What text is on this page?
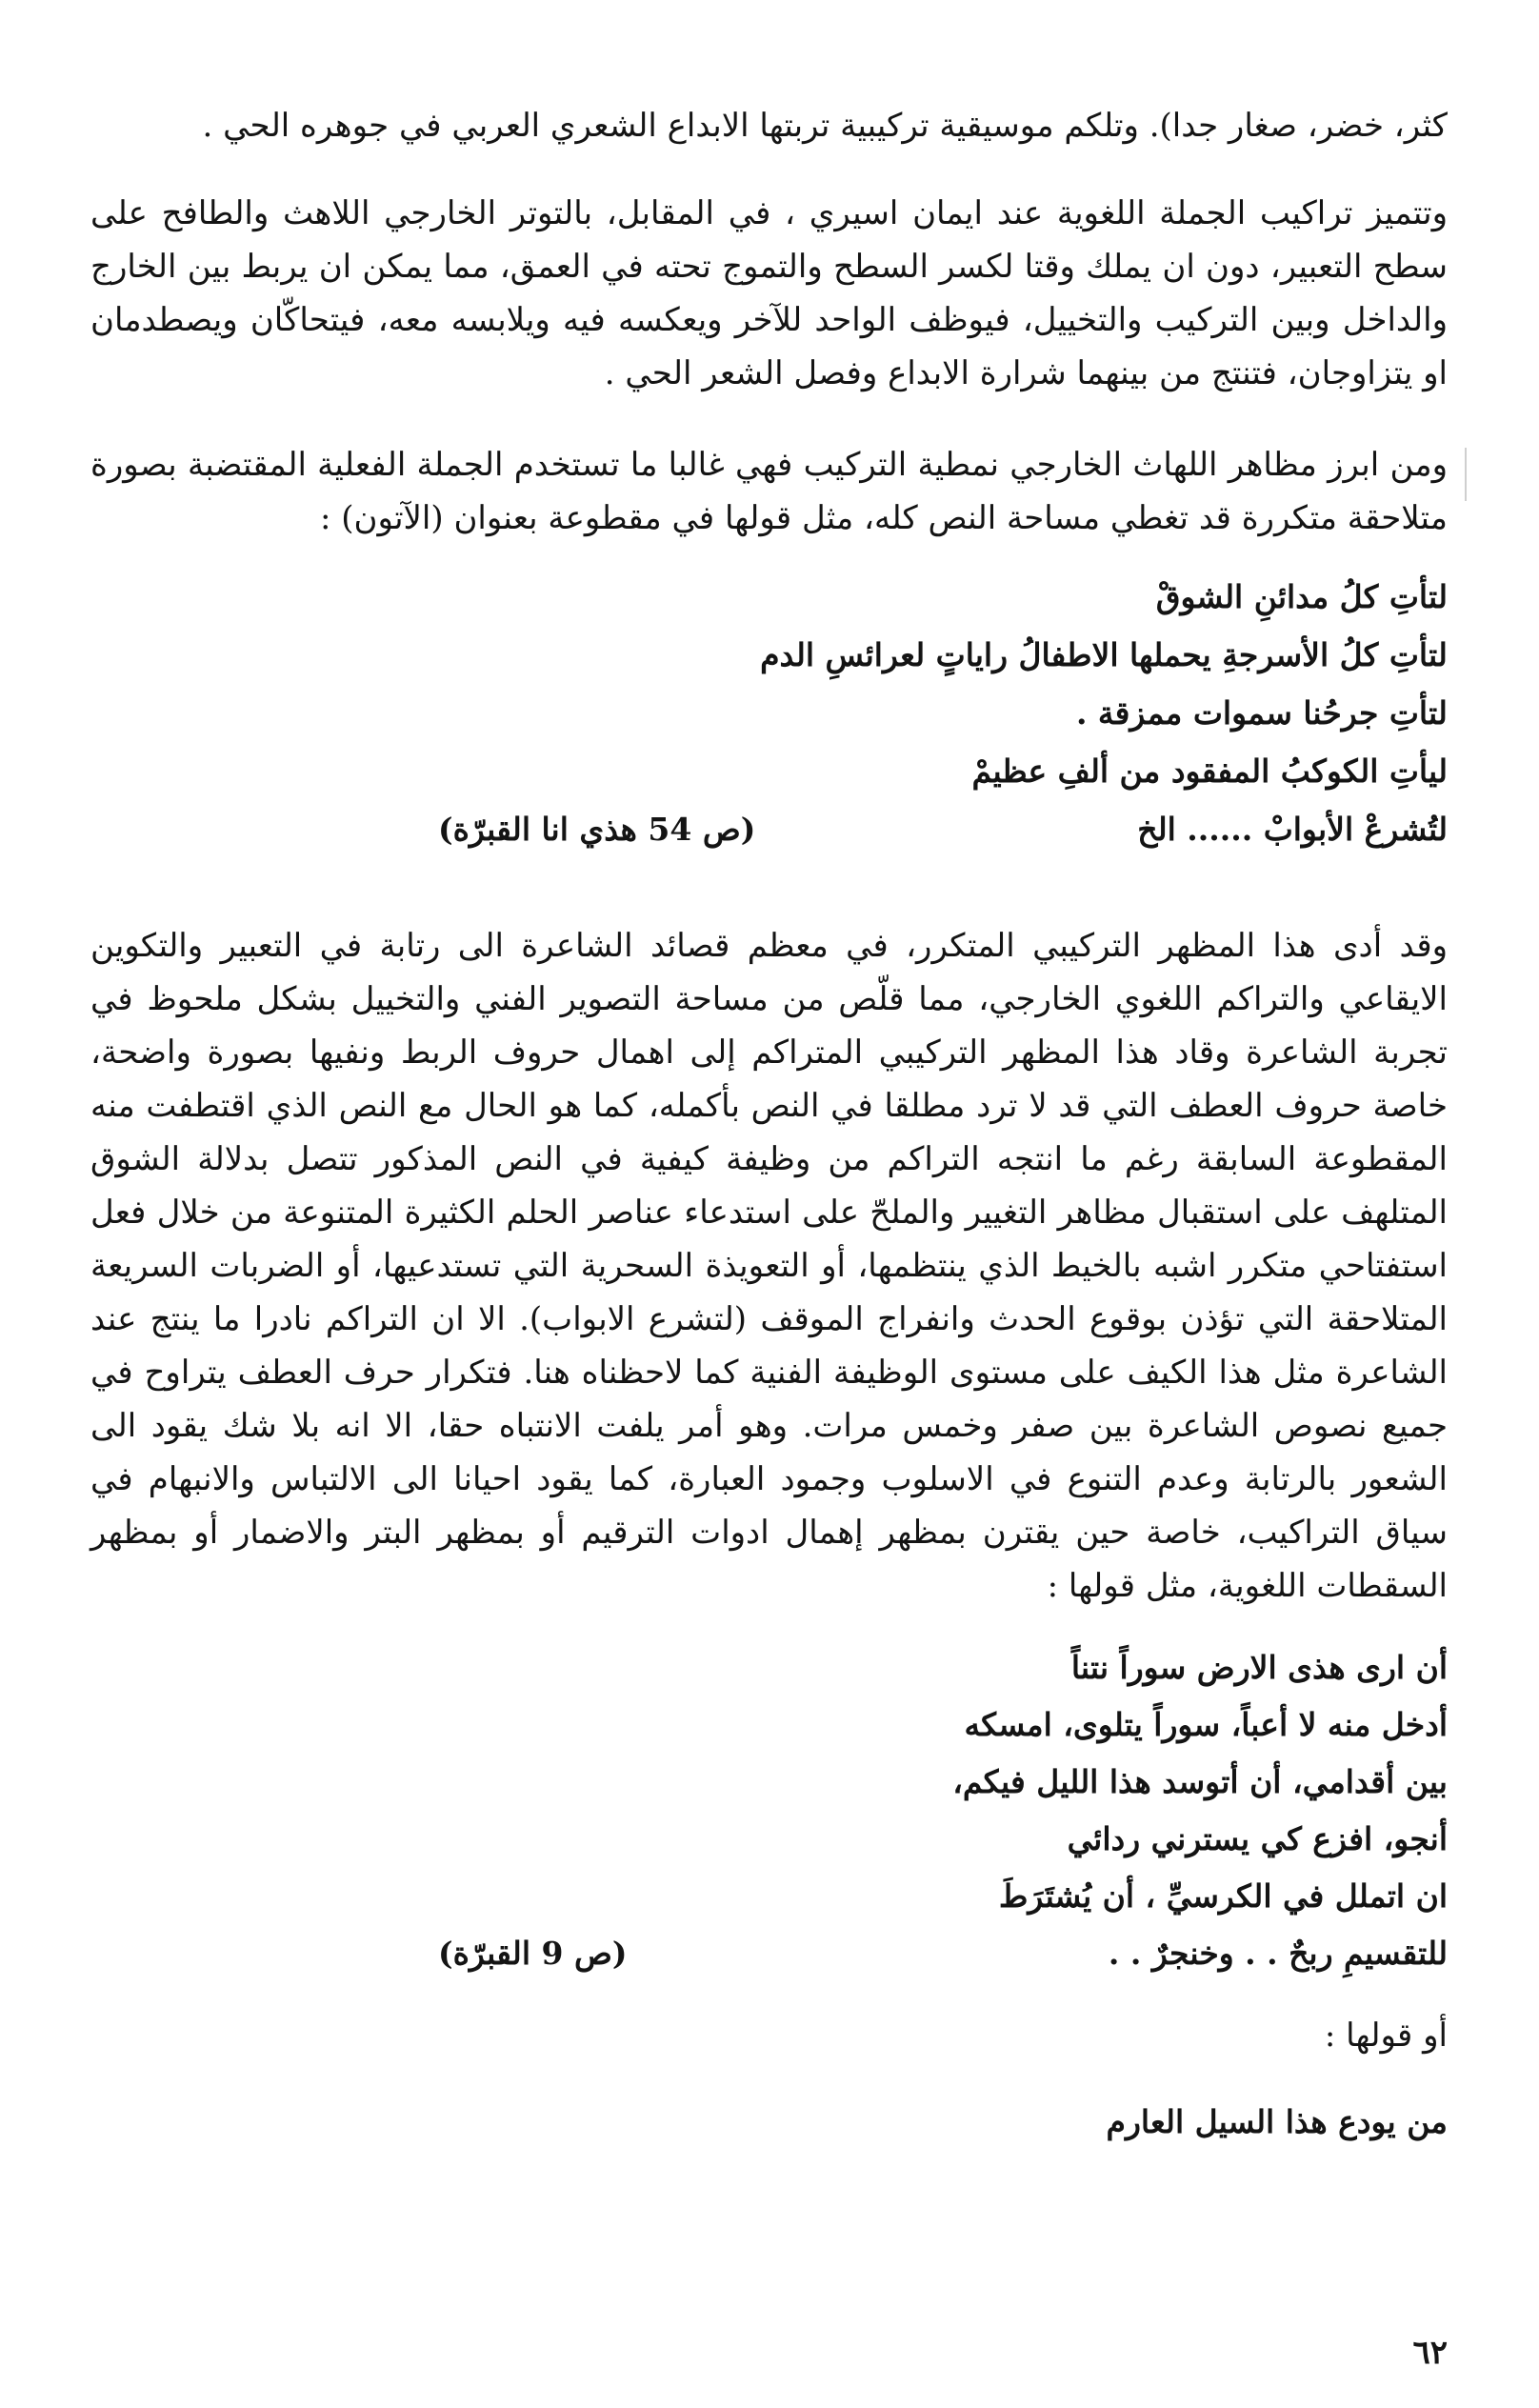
كثر، خضر، صغار جدا). وتلكم موسيقية تركيبية تربتها الابداع الشعري العربي في جوهره الحي .

وتتميز تراكيب الجملة اللغوية عند ايمان اسيري ، في المقابل، بالتوتر الخارجي اللاهث والطافح على سطح التعبير، دون ان يملك وقتا لكسر السطح والتموج تحته في العمق، مما يمكن ان يربط بين الخارج والداخل وبين التركيب والتخييل، فيوظف الواحد للآخر ويعكسه فيه ويلابسه معه، فيتحاكّان ويصطدمان او يتزاوجان، فتنتج من بينهما شرارة الابداع وفصل الشعر الحي .

ومن ابرز مظاهر اللهاث الخارجي نمطية التركيب فهي غالبا ما تستخدم الجملة الفعلية المقتضبة بصورة متلاحقة متكررة قد تغطي مساحة النص كله، مثل قولها في مقطوعة بعنوان (الآتون) :

لتأتِ كلُ مدائنِ الشوقْ
لتأتِ كلُ الأسرجةِ يحملها الاطفالُ راياتٍ لعرائسِ الدم
لتأتِ جرحُنا سموات ممزقة .
ليأتِ الكوكبُ المفقود من ألفِ عظيمْ
لتُشرعْ الأبوابْ ...... الخ
(ص 54 هذي انا القبرّة)

وقد أدى هذا المظهر التركيبي المتكرر، في معظم قصائد الشاعرة الى رتابة في التعبير والتكوين الايقاعي والتراكم اللغوي الخارجي، مما قلّص من مساحة التصوير الفني والتخييل بشكل ملحوظ في تجربة الشاعرة وقاد هذا المظهر التركيبي المتراكم إلى اهمال حروف الربط ونفيها بصورة واضحة، خاصة حروف العطف التي قد لا ترد مطلقا في النص بأكمله، كما هو الحال مع النص الذي اقتطفت منه المقطوعة السابقة رغم ما انتجه التراكم من وظيفة كيفية في النص المذكور تتصل بدلالة الشوق المتلهف على استقبال مظاهر التغيير والملحّ على استدعاء عناصر الحلم الكثيرة المتنوعة من خلال فعل استفتاحي متكرر اشبه بالخيط الذي ينتظمها، أو التعويذة السحرية التي تستدعيها، أو الضربات السريعة المتلاحقة التي تؤذن بوقوع الحدث وانفراج الموقف (لتشرع الابواب). الا ان التراكم نادرا ما ينتج عند الشاعرة مثل هذا الكيف على مستوى الوظيفة الفنية كما لاحظناه هنا. فتكرار حرف العطف يتراوح في جميع نصوص الشاعرة بين صفر وخمس مرات. وهو أمر يلفت الانتباه حقا، الا انه بلا شك يقود الى الشعور بالرتابة وعدم التنوع في الاسلوب وجمود العبارة، كما يقود احيانا الى الالتباس والانبهام في سياق التراكيب، خاصة حين يقترن بمظهر إهمال ادوات الترقيم أو بمظهر البتر والاضمار أو بمظهر السقطات اللغوية، مثل قولها :

أن ارى هذى الارض سوراً نتناً
أدخل منه لا أعباً، سوراً يتلوى، امسكه
بين أقدامي، أن أتوسد هذا الليل فيكم،
أنجو، افزع كي يسترني ردائي
ان اتملل في الكرسيِّ ، أن يُشتَرَطَ
للتقسيمِ ربحٌ . . وخنجرٌ . .
(ص 9 القبرّة)

أو قولها :

من يودع هذا السيل العارم
٦٢
